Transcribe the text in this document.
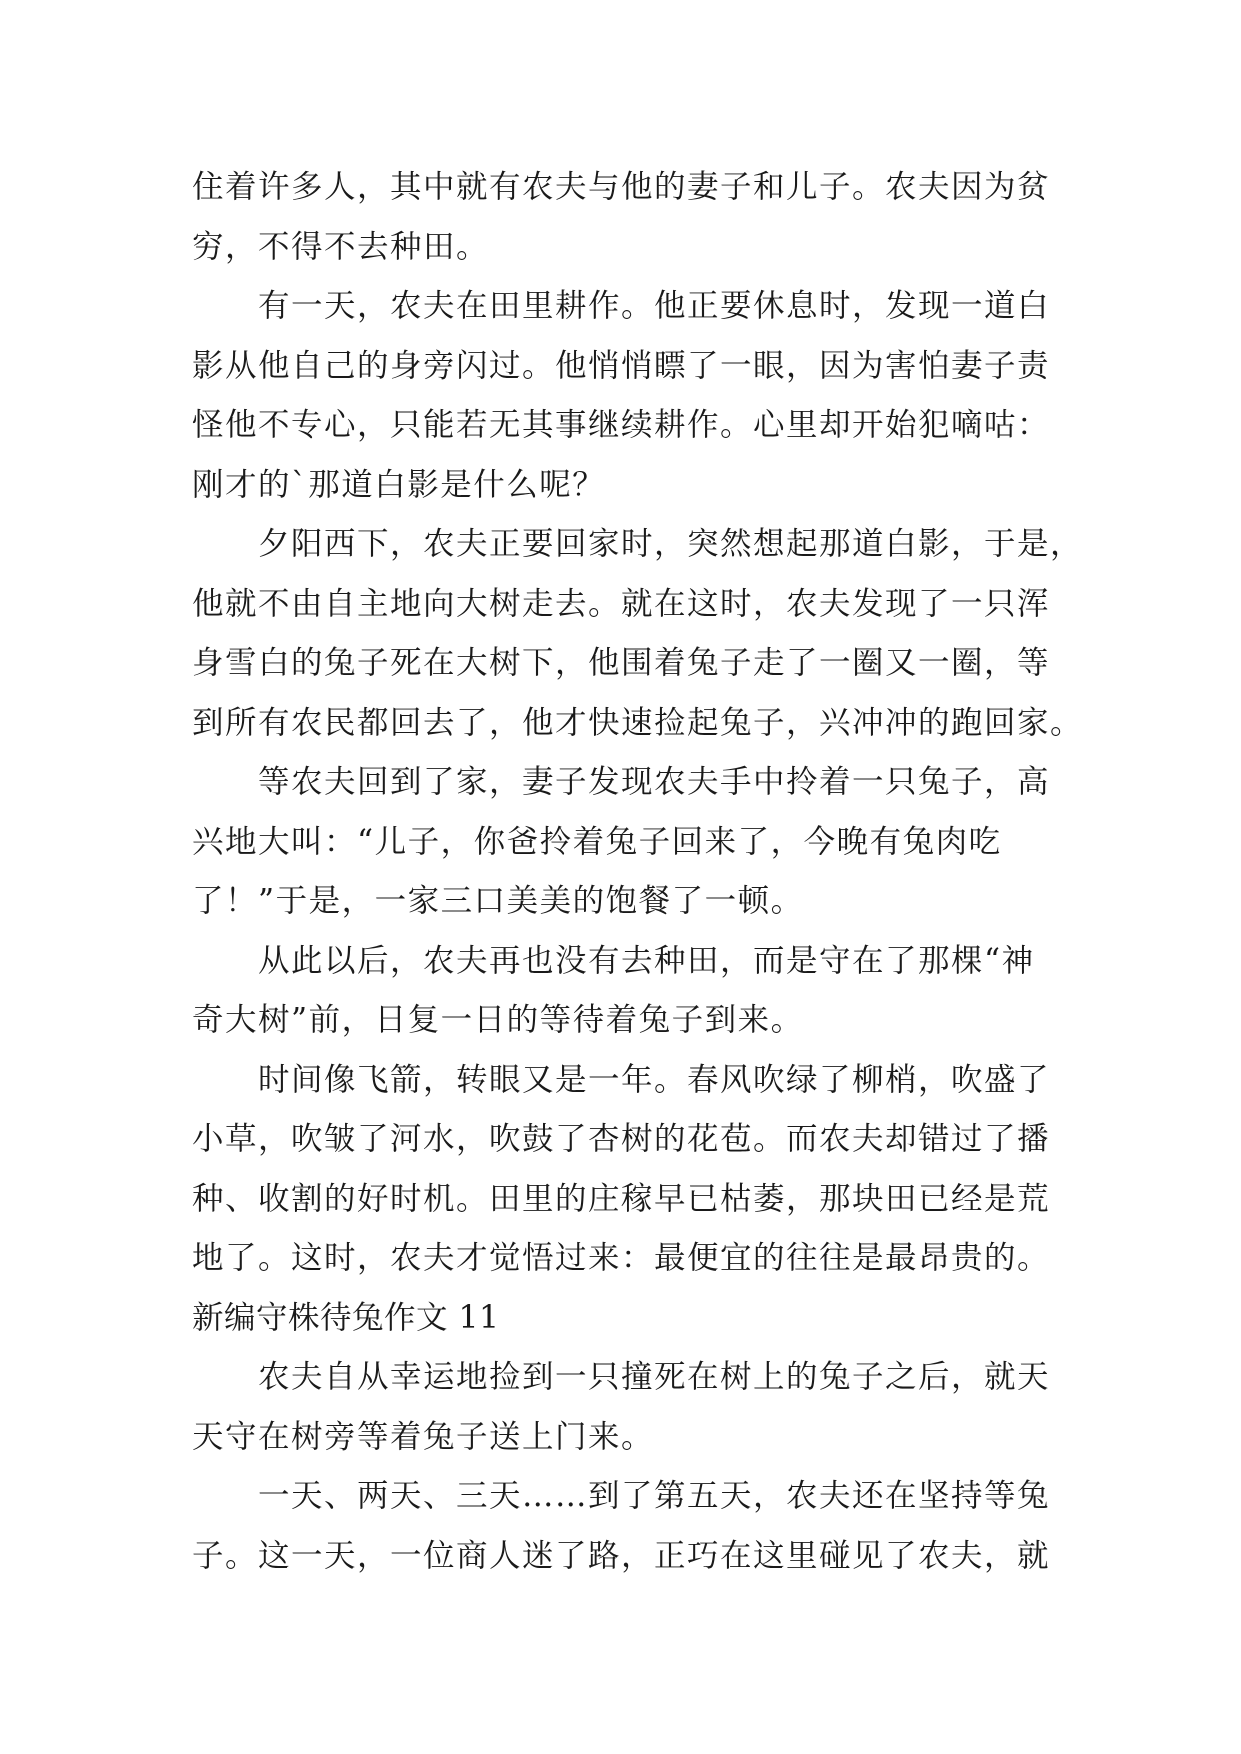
住着许多人，其中就有农夫与他的妻子和儿子。农夫因为贫
穷，不得不去种田。
有一天，农夫在田里耕作。他正要休息时，发现一道白
影从他自己的身旁闪过。他悄悄瞟了一眼，因为害怕妻子责
怪他不专心，只能若无其事继续耕作。心里却开始犯嘀咕：
刚才的`那道白影是什么呢？
夕阳西下，农夫正要回家时，突然想起那道白影，于是，
他就不由自主地向大树走去。就在这时，农夫发现了一只浑
身雪白的兔子死在大树下，他围着兔子走了一圈又一圈，等
到所有农民都回去了，他才快速捡起兔子，兴冲冲的跑回家。
等农夫回到了家，妻子发现农夫手中拎着一只兔子，高
兴地大叫：“儿子，你爸拎着兔子回来了，今晚有兔肉吃
了！”于是，一家三口美美的饱餐了一顿。
从此以后，农夫再也没有去种田，而是守在了那棵“神
奇大树”前，日复一日的等待着兔子到来。
时间像飞箭，转眼又是一年。春风吹绿了柳梢，吹盛了
小草，吹皱了河水，吹鼓了杏树的花苞。而农夫却错过了播
种、收割的好时机。田里的庄稼早已枯萎，那块田已经是荒
地了。这时，农夫才觉悟过来：最便宜的往往是最昂贵的。
新编守株待兔作文 11
农夫自从幸运地捡到一只撞死在树上的兔子之后，就天
天守在树旁等着兔子送上门来。
一天、两天、三天……到了第五天，农夫还在坚持等兔
子。这一天，一位商人迷了路，正巧在这里碰见了农夫，就
